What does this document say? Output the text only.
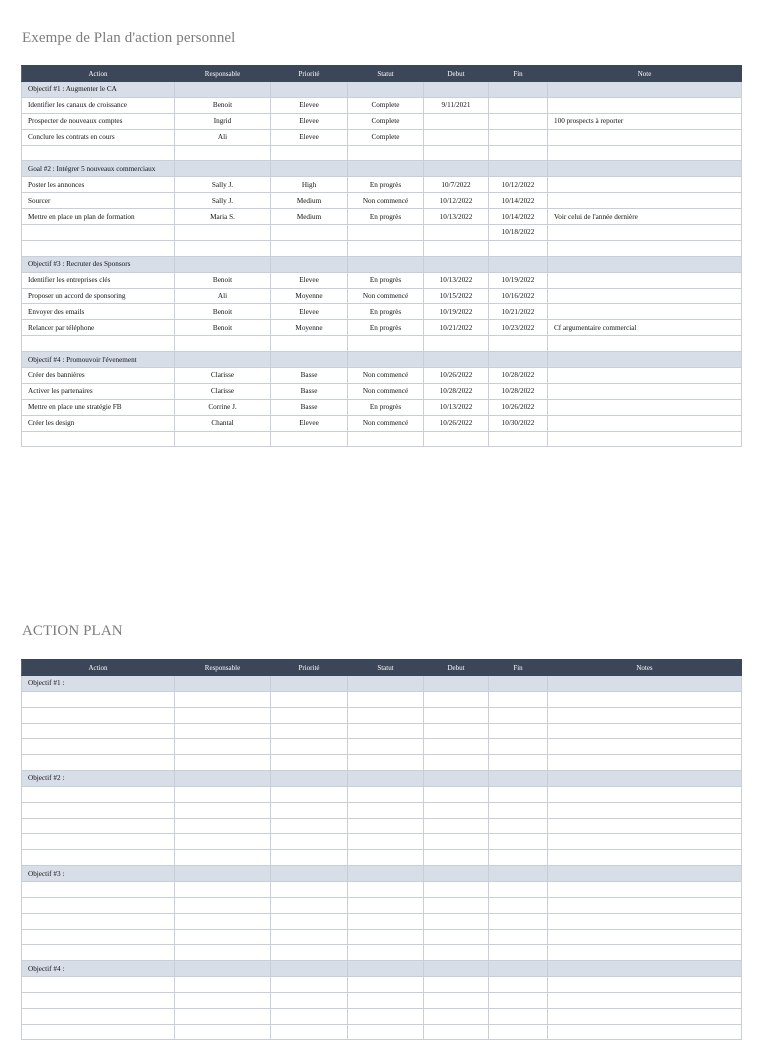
Exempe de Plan d'action personnel
Action	Responsable	Priorité	Statut	Debut	Fin	Note
Objectif #1 : Augmenter le CA						
Identifier les canaux de croissance	Benoit	Elevee	Complete	9/11/2021		
Prospecter de nouveaux comptes	Ingrid	Elevee	Complete			100 prospects à reporter
Conclure les contrats en cours	Ali	Elevee	Complete			

Goal #2 : Intégrer 5 nouveaux commerciaux						
Poster les annonces	Sally J.	High	En progrès	10/7/2022	10/12/2022	
Sourcer	Sally J.	Medium	Non commencé	10/12/2022	10/14/2022	
Mettre en place un plan de formation	Maria S.	Medium	En progrès	10/13/2022	10/14/2022	Voir celui de l'année dernière
					10/18/2022	

Objectif #3 : Recruter des Sponsors						
Identifier les entreprises clés	Benoit	Elevee	En progrès	10/13/2022	10/19/2022	
Proposer un accord de sponsoring	Ali	Moyenne	Non commencé	10/15/2022	10/16/2022	
Envoyer des emails	Benoit	Elevee	En progrès	10/19/2022	10/21/2022	
Relancer par téléphone	Benoit	Moyenne	En progrès	10/21/2022	10/23/2022	Cf argumentaire commercial

Objectif #4 : Promouvoir l'évenement						
Créer des bannières	Clarisse	Basse	Non commencé	10/26/2022	10/28/2022	
Activer les partenaires	Clarisse	Basse	Non commencé	10/28/2022	10/28/2022	
Mettre en place une stratégie FB	Corrine J.	Basse	En progrès	10/13/2022	10/26/2022	
Créer les design	Chantal	Elevee	Non commencé	10/26/2022	10/30/2022	

ACTION PLAN
Action	Responsable	Priorité	Statut	Debut	Fin	Notes
Objectif #1 :						

Objectif #2 :						

Objectif #3 :						

Objectif #4 :						
